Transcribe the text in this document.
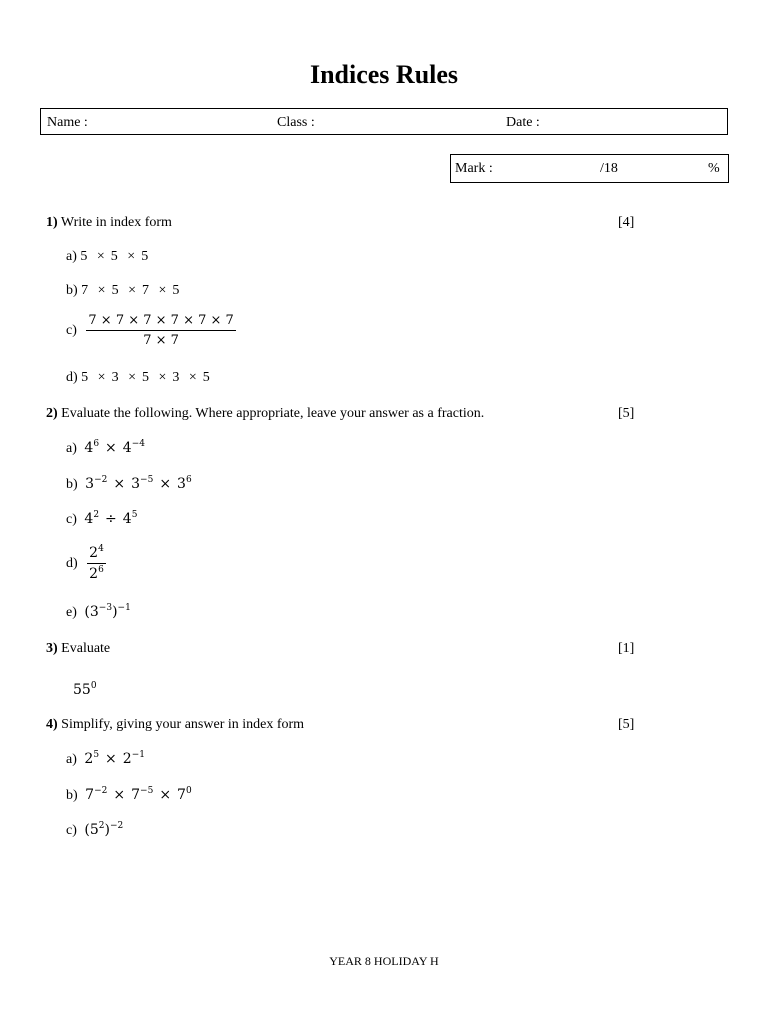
Indices Rules
Name :	Class :	Date :
Mark :	/18	%
1) Write in index form	[4]
a) 5 × 5 × 5
b) 7 × 5 × 7 × 5
$c) \frac{7 \times 7 \times 7 \times 7 \times 7 \times 7}{7 \times 7}$
d) 5 × 3 × 5 × 3 × 5
2) Evaluate the following. Where appropriate, leave your answer as a fraction.	[5]
a) $4^6 \times 4^{-4}$
b) $3^{-2} \times 3^{-5} \times 3^6$
c) $4^2 \div 4^5$
$d) \frac{2^4}{2^6}$
e) $(3^{-3})^{-1}$
3) Evaluate	[1]
$55^0$
4) Simplify, giving your answer in index form	[5]
a) $2^5 \times 2^{-1}$
b) $7^{-2} \times 7^{-5} \times 7^0$
c) $(5^2)^{-2}$
YEAR 8 HOLIDAY H
